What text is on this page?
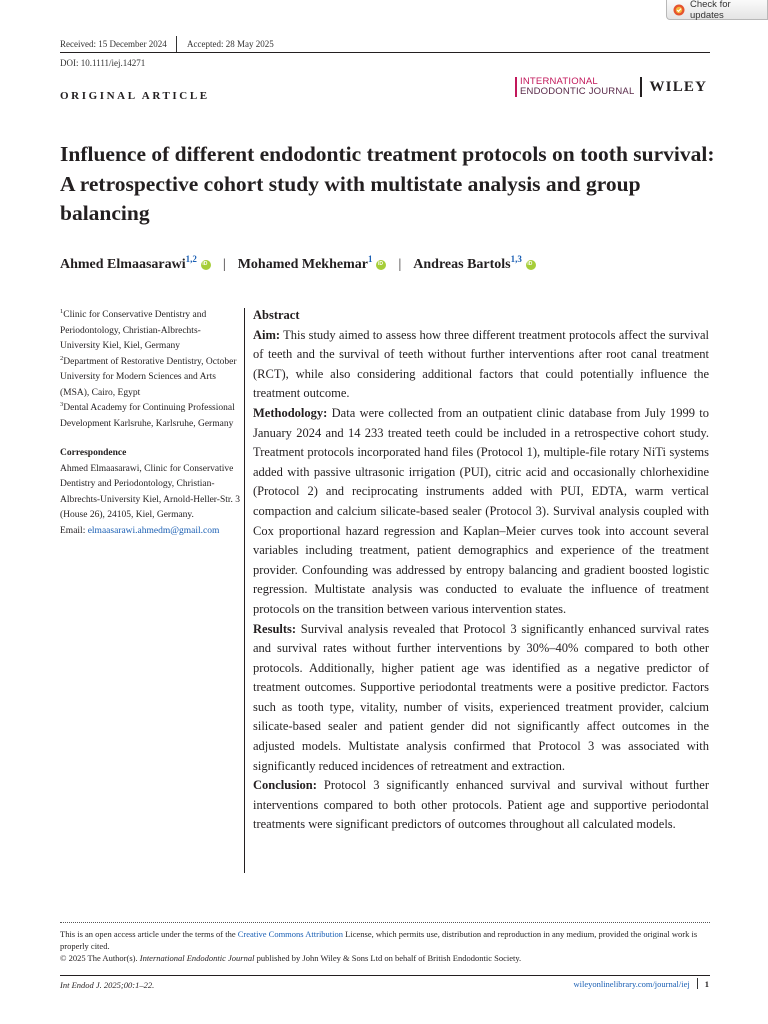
Check for updates
Received: 15 December 2024 Accepted: 28 May 2025
DOI: 10.1111/iej.14271
INTERNATIONAL
ENDODONTIC JOURNAL WILEY
ORIGINAL ARTICLE
Influence of different endodontic treatment protocols on tooth survival: A retrospective cohort study with multistate analysis and group balancing
Ahmed Elmaasarawi$^{1,2}$ iD | Mohamed Mekhemar$^1$ iD | Andreas Bartols$^{1,3}$
iD

$^1$Clinic for Conservative Dentistry and Periodontology, Christian-Albrechts-University Kiel, Kiel, Germany

$^2$Department of Restorative Dentistry, October University for Modern Sciences and Arts (MSA), Cairo, Egypt

$^3$Dental Academy for Continuing Professional Development Karlsruhe, Karlsruhe, Germany

Correspondence
Ahmed Elmaasarawi, Clinic for Conservative Dentistry and Periodontology, Christian-Albrechts-University Kiel, Arnold-Heller-Str. 3 (House 26), 24105, Kiel, Germany.
Email: elmaasarawi.ahmedm@gmail.com

Abstract

Aim: This study aimed to assess how three different treatment protocols affect the survival of teeth and the survival of teeth without further interventions after root canal treatment (RCT), while also considering additional factors that could potentially influence the treatment outcome.

Methodology: Data were collected from an outpatient clinic database from July 1999 to January 2024 and 14 233 treated teeth could be included in a retrospective cohort study. Treatment protocols incorporated hand files (Protocol 1), multiple-file rotary NiTi systems added with passive ultrasonic irrigation (PUI), citric acid and occasionally chlorhexidine (Protocol 2) and reciprocating instruments added with PUI, EDTA, warm vertical compaction and calcium silicate-based sealer (Protocol 3). Survival analysis coupled with Cox proportional hazard regression and Kaplan–Meier curves took into account several variables including treatment, patient demographics and experience of the treatment provider. Confounding was addressed by entropy balancing and gradient boosted logistic regression. Multistate analysis was conducted to evaluate the influence of treatment protocols on the transition between various intervention states.

Results: Survival analysis revealed that Protocol 3 significantly enhanced survival rates and survival rates without further interventions by 30%–40% compared to both other protocols. Additionally, higher patient age was identified as a negative predictor of treatment outcomes. Supportive periodontal treatments were a positive predictor. Factors such as tooth type, vitality, number of visits, experienced treatment provider, calcium silicate-based sealer and patient gender did not significantly affect outcomes in the adjusted models. Multistate analysis confirmed that Protocol 3 was associated with significantly reduced incidences of retreatment and extraction.

Conclusion: Protocol 3 significantly enhanced survival and survival without further interventions compared to both other protocols. Patient age and supportive periodontal treatments were significant predictors of outcomes throughout all calculated models.

This is an open access article under the terms of the Creative Commons Attribution License, which permits use, distribution and reproduction in any medium, provided the original work is properly cited.

© 2025 The Author(s). International Endodontic Journal published by John Wiley & Sons Ltd on behalf of British Endodontic Society.

Int Endod J. 2025;00:1–22.	wileyonlinelibrary.com/journal/iej 1
